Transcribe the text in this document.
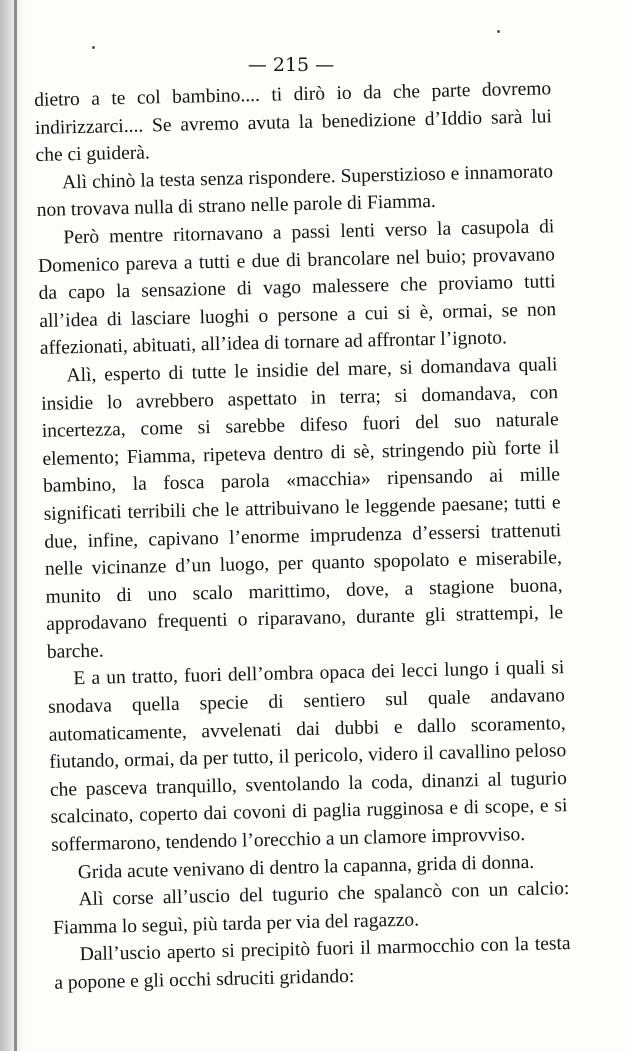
— 215 —

dietro a te col bambino.... ti dirò io da che parte dovremo indirizzarci.... Se avremo avuta la benedizione d’Iddio sarà lui che ci guiderà.

Alì chinò la testa senza rispondere. Superstizioso e innamorato non trovava nulla di strano nelle parole di Fiamma.

Però mentre ritornavano a passi lenti verso la casupola di Domenico pareva a tutti e due di brancolare nel buio; provavano da capo la sensazione di vago malessere che proviamo tutti all’idea di lasciare luoghi o persone a cui si è, ormai, se non affezionati, abituati, all’idea di tornare ad affrontar l’ignoto.

Alì, esperto di tutte le insidie del mare, si domandava quali insidie lo avrebbero aspettato in terra; si domandava, con incertezza, come si sarebbe difeso fuori del suo naturale elemento; Fiamma, ripeteva dentro di sè, stringendo più forte il bambino, la fosca parola «macchia» ripensando ai mille significati terribili che le attribuivano le leggende paesane; tutti e due, infine, capivano l’enorme imprudenza d’essersi trattenuti nelle vicinanze d’un luogo, per quanto spopolato e miserabile, munito di uno scalo marittimo, dove, a stagione buona, approdavano frequenti o riparavano, durante gli strattempi, le barche.

E a un tratto, fuori dell’ombra opaca dei lecci lungo i quali si snodava quella specie di sentiero sul quale andavano automaticamente, avvelenati dai dubbi e dallo scoramento, fiutando, ormai, da per tutto, il pericolo, videro il cavallino peloso che pasceva tranquillo, sventolando la coda, dinanzi al tugurio scalcinato, coperto dai covoni di paglia rugginosa e di scope, e si soffermarono, tendendo l’orecchio a un clamore improvviso.

Grida acute venivano di dentro la capanna, grida di donna.

Alì corse all’uscio del tugurio che spalancò con un calcio: Fiamma lo seguì, più tarda per via del ragazzo.

Dall’uscio aperto si precipitò fuori il marmocchio con la testa a popone e gli occhi sdruciti gridando:
